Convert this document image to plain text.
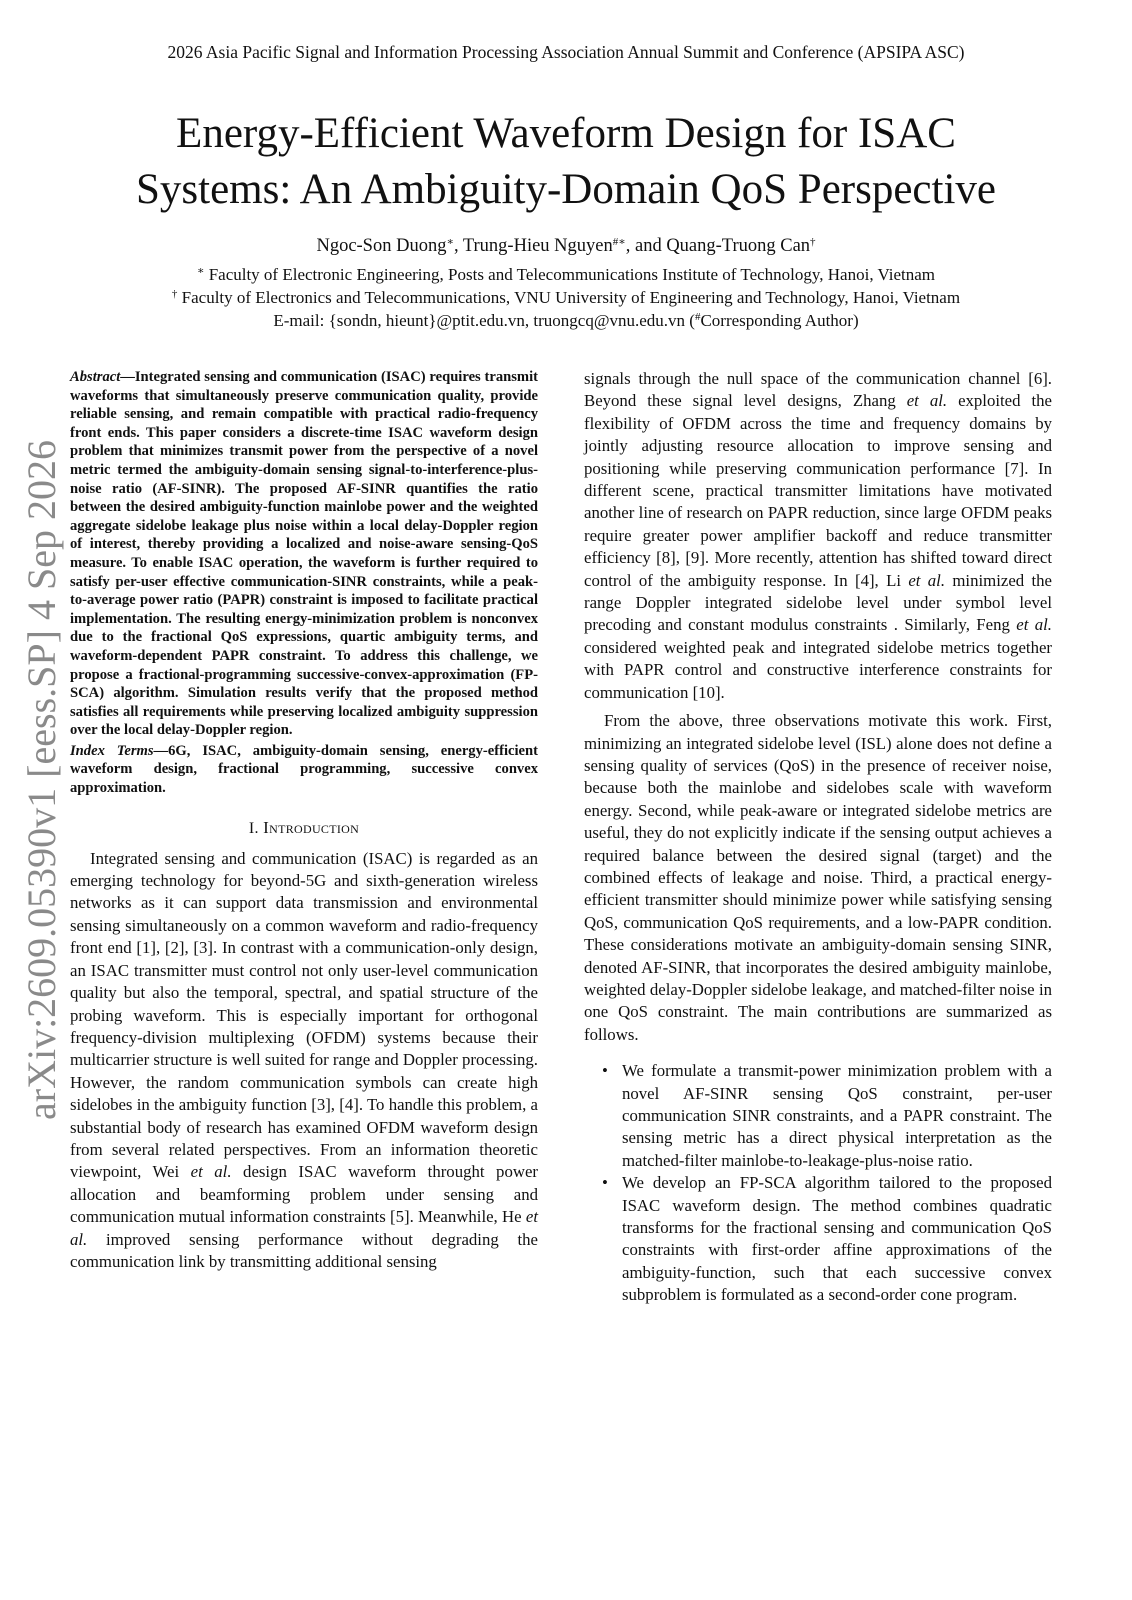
2026 Asia Pacific Signal and Information Processing Association Annual Summit and Conference (APSIPA ASC)
Energy-Efficient Waveform Design for ISAC
Systems: An Ambiguity-Domain QoS Perspective
Ngoc-Son Duong∗, Trung-Hieu Nguyen#∗, and Quang-Truong Can†
∗ Faculty of Electronic Engineering, Posts and Telecommunications Institute of Technology, Hanoi, Vietnam
† Faculty of Electronics and Telecommunications, VNU University of Engineering and Technology, Hanoi, Vietnam
E-mail: {sondn, hieunt}@ptit.edu.vn, truongcq@vnu.edu.vn (#Corresponding Author)

Abstract—Integrated sensing and communication (ISAC) requires transmit waveforms that simultaneously preserve communication quality, provide reliable sensing, and remain compatible with practical radio-frequency front ends. This paper considers a discrete-time ISAC waveform design problem that minimizes transmit power from the perspective of a novel metric termed the ambiguity-domain sensing signal-to-interference-plus-noise ratio (AF-SINR). The proposed AF-SINR quantifies the ratio between the desired ambiguity-function mainlobe power and the weighted aggregate sidelobe leakage plus noise within a local delay-Doppler region of interest, thereby providing a localized and noise-aware sensing-QoS measure. To enable ISAC operation, the waveform is further required to satisfy per-user effective communication-SINR constraints, while a peak-to-average power ratio (PAPR) constraint is imposed to facilitate practical implementation. The resulting energy-minimization problem is nonconvex due to the fractional QoS expressions, quartic ambiguity terms, and waveform-dependent PAPR constraint. To address this challenge, we propose a fractional-programming successive-convex-approximation (FP-SCA) algorithm. Simulation results verify that the proposed method satisfies all requirements while preserving localized ambiguity suppression over the local delay-Doppler region.

Index Terms—6G, ISAC, ambiguity-domain sensing, energy-efficient waveform design, fractional programming, successive convex approximation.

I. Introduction

Integrated sensing and communication (ISAC) is regarded as an emerging technology for beyond-5G and sixth-generation wireless networks as it can support data transmission and environmental sensing simultaneously on a common waveform and radio-frequency front end [1], [2], [3]. In contrast with a communication-only design, an ISAC transmitter must control not only user-level communication quality but also the temporal, spectral, and spatial structure of the probing waveform. This is especially important for orthogonal frequency-division multiplexing (OFDM) systems because their multicarrier structure is well suited for range and Doppler processing. However, the random communication symbols can create high sidelobes in the ambiguity function [3], [4]. To handle this problem, a substantial body of research has examined OFDM waveform design from several related perspectives. From an information theoretic viewpoint, Wei et al. design ISAC waveform throught power allocation and beamforming problem under sensing and communication mutual information constraints [5]. Meanwhile, He et al. improved sensing performance without degrading the communication link by transmitting additional sensing

signals through the null space of the communication channel [6]. Beyond these signal level designs, Zhang et al. exploited the flexibility of OFDM across the time and frequency domains by jointly adjusting resource allocation to improve sensing and positioning while preserving communication performance [7]. In different scene, practical transmitter limitations have motivated another line of research on PAPR reduction, since large OFDM peaks require greater power amplifier backoff and reduce transmitter efficiency [8], [9]. More recently, attention has shifted toward direct control of the ambiguity response. In [4], Li et al. minimized the range Doppler integrated sidelobe level under symbol level precoding and constant modulus constraints . Similarly, Feng et al. considered weighted peak and integrated sidelobe metrics together with PAPR control and constructive interference constraints for communication [10].

From the above, three observations motivate this work. First, minimizing an integrated sidelobe level (ISL) alone does not define a sensing quality of services (QoS) in the presence of receiver noise, because both the mainlobe and sidelobes scale with waveform energy. Second, while peak-aware or integrated sidelobe metrics are useful, they do not explicitly indicate if the sensing output achieves a required balance between the desired signal (target) and the combined effects of leakage and noise. Third, a practical energy-efficient transmitter should minimize power while satisfying sensing QoS, communication QoS requirements, and a low-PAPR condition. These considerations motivate an ambiguity-domain sensing SINR, denoted AF-SINR, that incorporates the desired ambiguity mainlobe, weighted delay-Doppler sidelobe leakage, and matched-filter noise in one QoS constraint. The main contributions are summarized as follows.

• We formulate a transmit-power minimization problem with a novel AF-SINR sensing QoS constraint, per-user communication SINR constraints, and a PAPR constraint. The sensing metric has a direct physical interpretation as the matched-filter mainlobe-to-leakage-plus-noise ratio.
• We develop an FP-SCA algorithm tailored to the proposed ISAC waveform design. The method combines quadratic transforms for the fractional sensing and communication QoS constraints with first-order affine approximations of the ambiguity-function, such that each successive convex subproblem is formulated as a second-order cone program.
arXiv:2609.05390v1 [eess.SP] 4 Sep 2026
